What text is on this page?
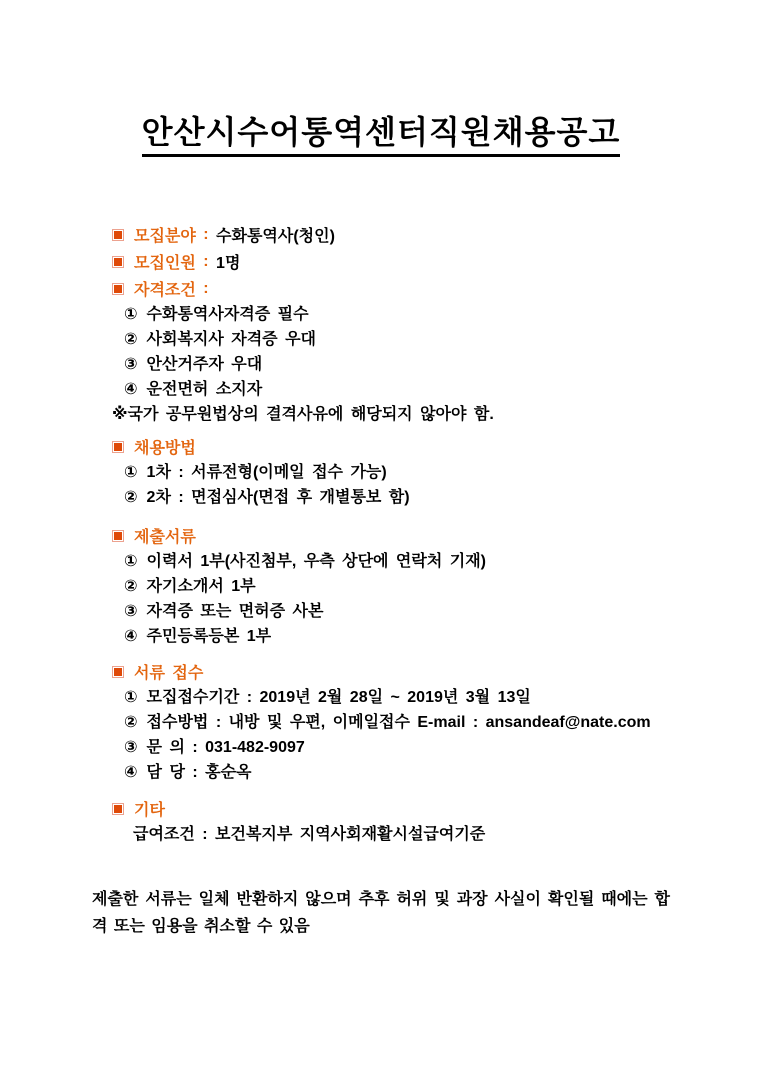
안산시수어통역센터직원채용공고
모집분야 : 수화통역사(청인)
모집인원 : 1명
자격조건 :
① 수화통역사자격증 필수
② 사회복지사 자격증 우대
③ 안산거주자 우대
④ 운전면허 소지자
※국가 공무원법상의 결격사유에 해당되지 않아야 함.
채용방법
① 1차 : 서류전형(이메일 접수 가능)
② 2차 : 면접심사(면접 후 개별통보 함)
제출서류
① 이력서 1부(사진첨부, 우측 상단에 연락처 기재)
② 자기소개서 1부
③ 자격증 또는 면허증 사본
④ 주민등록등본 1부
서류 접수
① 모집접수기간 : 2019년 2월 28일 ~ 2019년 3월 13일
② 접수방법 : 내방 및 우편, 이메일접수 E-mail : ansandeaf@nate.com
③ 문 의 : 031-482-9097
④ 담 당 : 홍순옥
기타
급여조건 : 보건복지부 지역사회재활시설급여기준
제출한 서류는 일체 반환하지 않으며 추후 허위 및 과장 사실이 확인될 때에는 합격 또는 임용을 취소할 수 있음
